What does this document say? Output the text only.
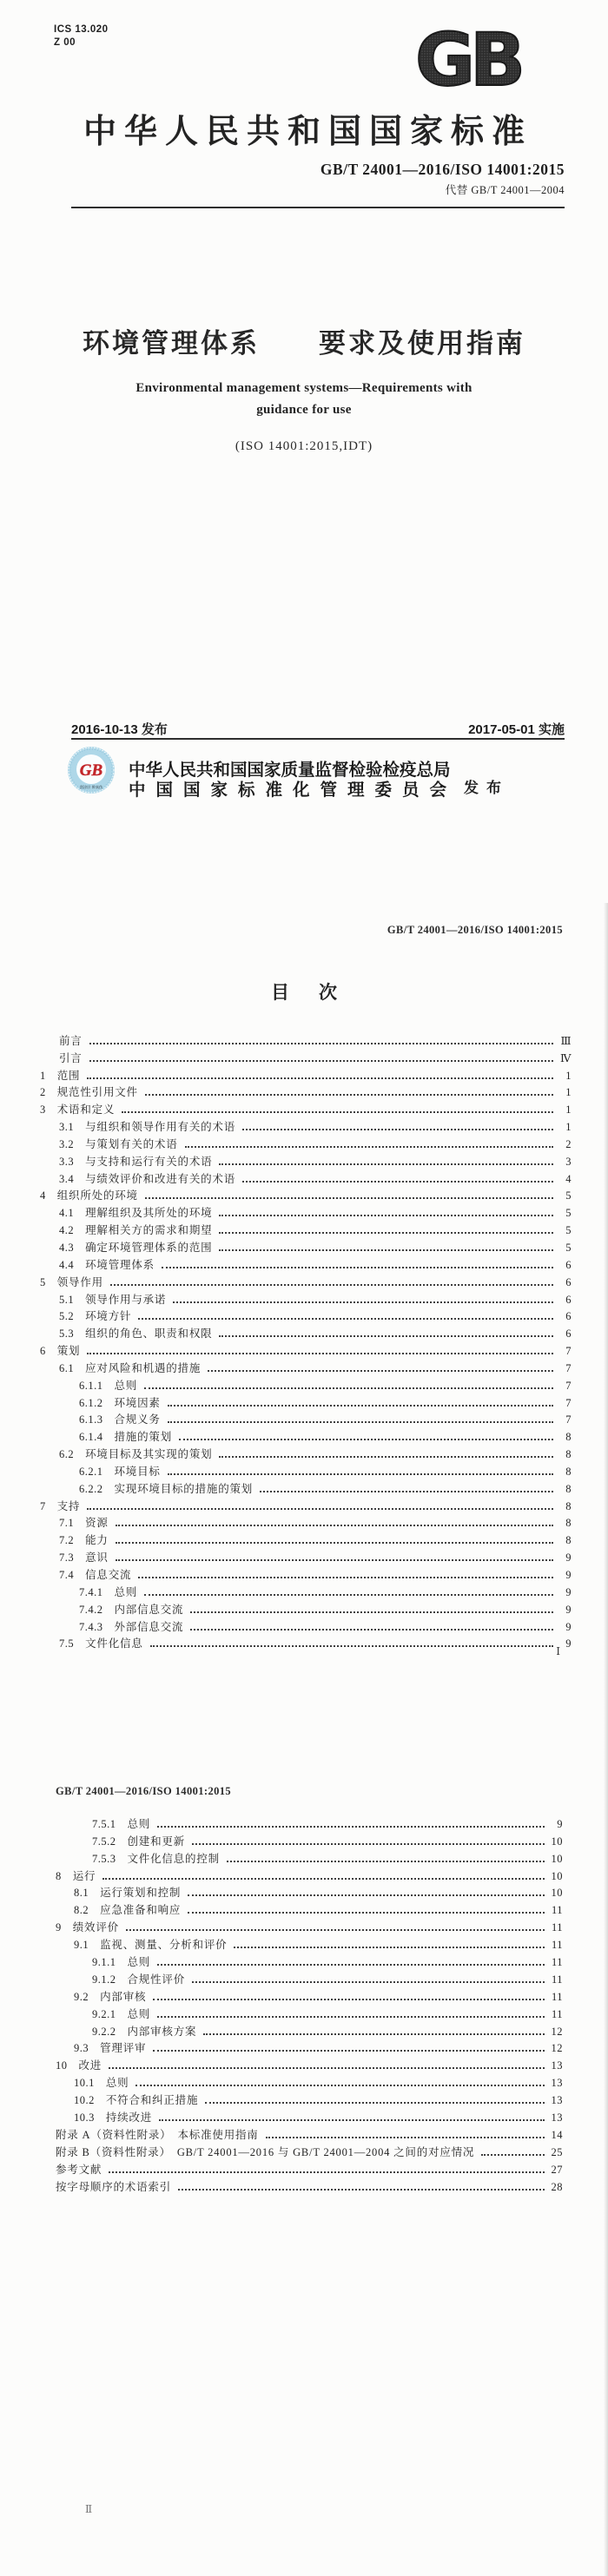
ICS 13.020
Z 00	GB
中华人民共和国国家标准
GB/T 24001—2016/ISO 14001:2015
代替 GB/T 24001—2004
环境管理体系　　要求及使用指南
Environmental management systems—Requirements with
guidance for use
(ISO 14001:2015,IDT)
2016-10-13 发布	2017-05-01 实施
GB
刮涂层 辨真伪
中华人民共和国国家质量监督检验检疫总局
中国国家标准化管理委员会 发布
GB/T 24001—2016/ISO 14001:2015
目次
前言	Ⅲ
引言	Ⅳ
1 范围	1
2 规范性引用文件	1
3 术语和定义	1
3.1 与组织和领导作用有关的术语	1
3.2 与策划有关的术语	2
3.3 与支持和运行有关的术语	3
3.4 与绩效评价和改进有关的术语	4
4 组织所处的环境	5
4.1 理解组织及其所处的环境	5
4.2 理解相关方的需求和期望	5
4.3 确定环境管理体系的范围	5
4.4 环境管理体系	6
5 领导作用	6
5.1 领导作用与承诺	6
5.2 环境方针	6
5.3 组织的角色、职责和权限	6
6 策划	7
6.1 应对风险和机遇的措施	7
6.1.1 总则	7
6.1.2 环境因素	7
6.1.3 合规义务	7
6.1.4 措施的策划	8
6.2 环境目标及其实现的策划	8
6.2.1 环境目标	8
6.2.2 实现环境目标的措施的策划	8
7 支持	8
7.1 资源	8
7.2 能力	8
7.3 意识	9
7.4 信息交流	9
7.4.1 总则	9
7.4.2 内部信息交流	9
7.4.3 外部信息交流	9
7.5 文件化信息	9
Ⅰ
GB/T 24001—2016/ISO 14001:2015
7.5.1 总则	9
7.5.2 创建和更新	10
7.5.3 文件化信息的控制	10
8 运行	10
8.1 运行策划和控制	10
8.2 应急准备和响应	11
9 绩效评价	11
9.1 监视、测量、分析和评价	11
9.1.1 总则	11
9.1.2 合规性评价	11
9.2 内部审核	11
9.2.1 总则	11
9.2.2 内部审核方案	12
9.3 管理评审	12
10 改进	13
10.1 总则	13
10.2 不符合和纠正措施	13
10.3 持续改进	13
附录 A（资料性附录）　本标准使用指南	14
附录 B（资料性附录）　GB/T 24001—2016 与 GB/T 24001—2004 之间的对应情况	25
参考文献	27
按字母顺序的术语索引	28
Ⅱ
